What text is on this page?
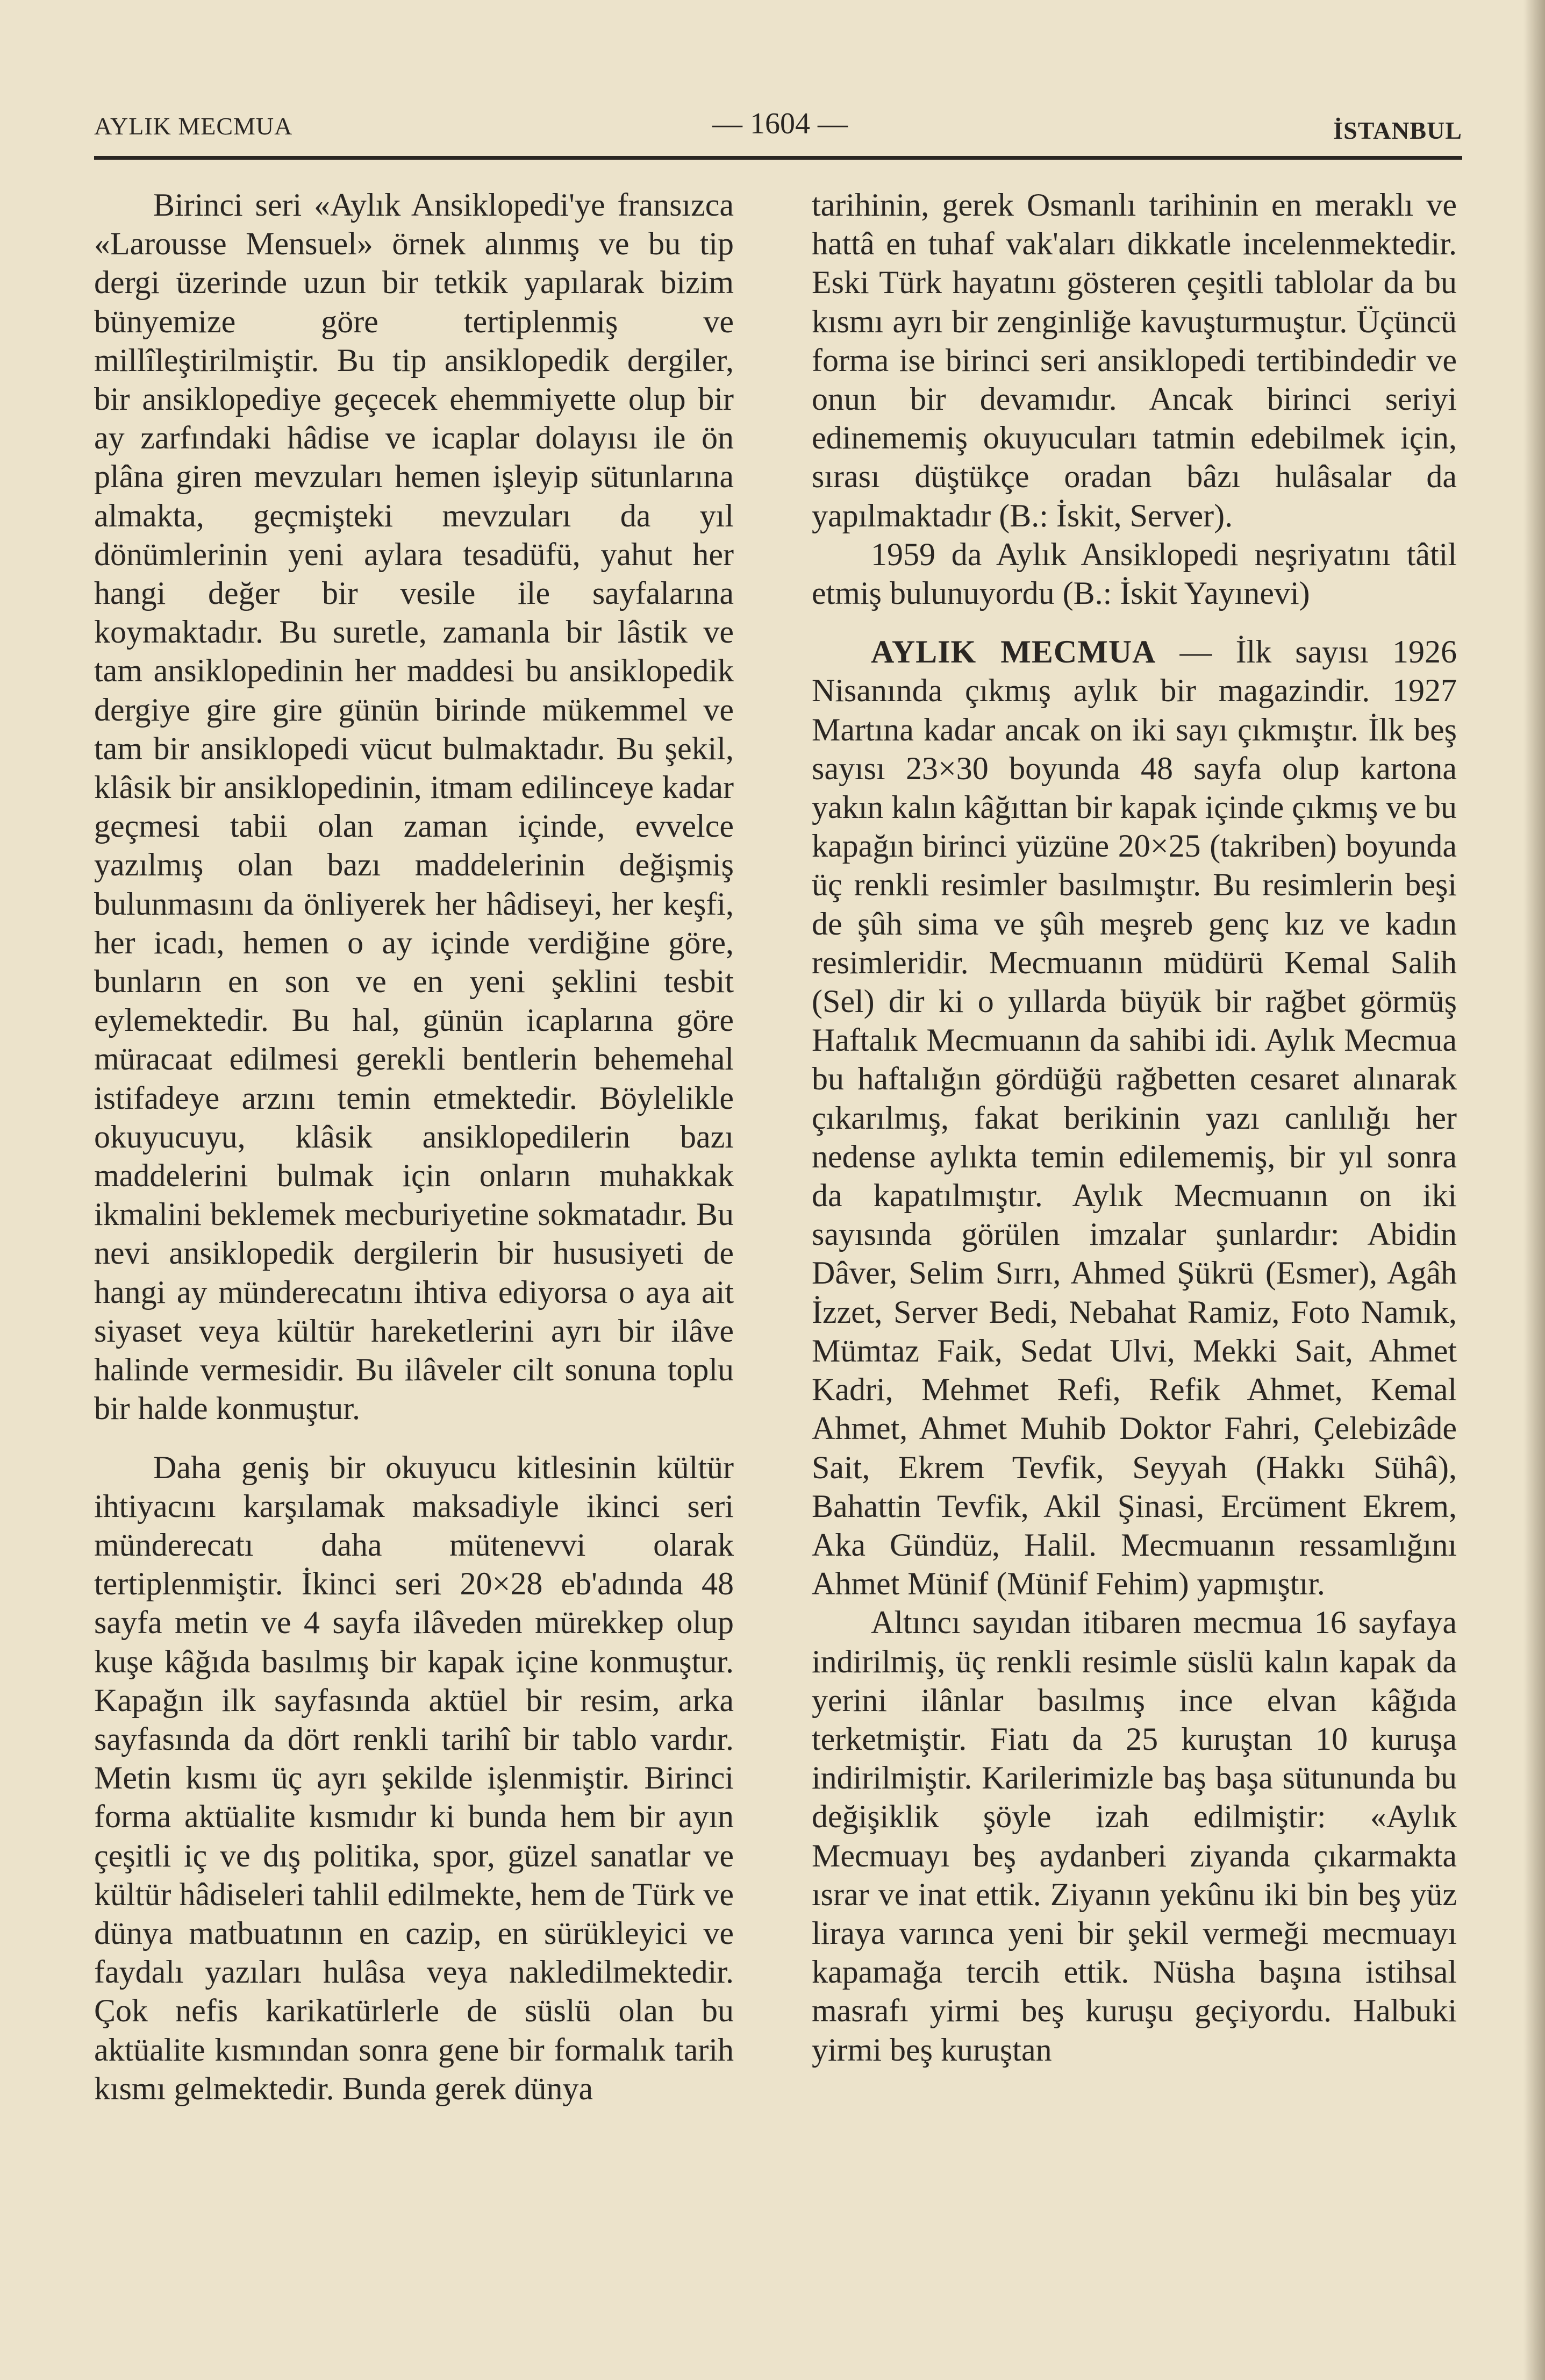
AYLIK MECMUA	— 1604 —	İSTANBUL

Birinci seri «Aylık Ansiklopedi'ye fransızca «Larousse Mensuel» örnek alınmış ve bu tip dergi üzerinde uzun bir tetkik yapılarak bizim bünyemize göre tertiplenmiş ve millîleştirilmiştir. Bu tip ansiklopedik dergiler, bir ansiklopediye geçecek ehemmiyette olup bir ay zarfındaki hâdise ve icaplar dolayısı ile ön plâna giren mevzuları hemen işleyip sütunlarına almakta, geçmişteki mevzuları da yıl dönümlerinin yeni aylara tesadüfü, yahut her hangi değer bir vesile ile sayfalarına koymaktadır. Bu suretle, zamanla bir lâstik ve tam ansiklopedinin her maddesi bu ansiklopedik dergiye gire gire günün birinde mükemmel ve tam bir ansiklopedi vücut bulmaktadır. Bu şekil, klâsik bir ansiklopedinin, itmam edilinceye kadar geçmesi tabii olan zaman içinde, evvelce yazılmış olan bazı maddelerinin değişmiş bulunmasını da önliyerek her hâdiseyi, her keşfi, her icadı, hemen o ay içinde verdiğine göre, bunların en son ve en yeni şeklini tesbit eylemektedir. Bu hal, günün icaplarına göre müracaat edilmesi gerekli bentlerin behemehal istifadeye arzını temin etmektedir. Böylelikle okuyucuyu, klâsik ansiklopedilerin bazı maddelerini bulmak için onların muhakkak ikmalini beklemek mecburiyetine sokmatadır. Bu nevi ansiklopedik dergilerin bir hususiyeti de hangi ay münderecatını ihtiva ediyorsa o aya ait siyaset veya kültür hareketlerini ayrı bir ilâve halinde vermesidir. Bu ilâveler cilt sonuna toplu bir halde konmuştur.

Daha geniş bir okuyucu kitlesinin kültür ihtiyacını karşılamak maksadiyle ikinci seri münderecatı daha mütenevvi olarak tertiplenmiştir. İkinci seri 20×28 eb'adında 48 sayfa metin ve 4 sayfa ilâveden mürekkep olup kuşe kâğıda basılmış bir kapak içine konmuştur. Kapağın ilk sayfasında aktüel bir resim, arka sayfasında da dört renkli tarihî bir tablo vardır. Metin kısmı üç ayrı şekilde işlenmiştir. Birinci forma aktüalite kısmıdır ki bunda hem bir ayın çeşitli iç ve dış politika, spor, güzel sanatlar ve kültür hâdiseleri tahlil edilmekte, hem de Türk ve dünya matbuatının en cazip, en sürükleyici ve faydalı yazıları hulâsa veya nakledilmektedir. Çok nefis karikatürlerle de süslü olan bu aktüalite kısmından sonra gene bir formalık tarih kısmı gelmektedir. Bunda gerek dünya

tarihinin, gerek Osmanlı tarihinin en meraklı ve hattâ en tuhaf vak'aları dikkatle incelenmektedir. Eski Türk hayatını gösteren çeşitli tablolar da bu kısmı ayrı bir zenginliğe kavuşturmuştur. Üçüncü forma ise birinci seri ansiklopedi tertibindedir ve onun bir devamıdır. Ancak birinci seriyi edinememiş okuyucuları tatmin edebilmek için, sırası düştükçe oradan bâzı hulâsalar da yapılmaktadır (B.: İskit, Server).

1959 da Aylık Ansiklopedi neşriyatını tâtil etmiş bulunuyordu (B.: İskit Yayınevi)

AYLIK MECMUA — İlk sayısı 1926 Nisanında çıkmış aylık bir magazindir. 1927 Martına kadar ancak on iki sayı çıkmıştır. İlk beş sayısı 23×30 boyunda 48 sayfa olup kartona yakın kalın kâğıttan bir kapak içinde çıkmış ve bu kapağın birinci yüzüne 20×25 (takriben) boyunda üç renkli resimler basılmıştır. Bu resimlerin beşi de şûh sima ve şûh meşreb genç kız ve kadın resimleridir. Mecmuanın müdürü Kemal Salih (Sel) dir ki o yıllarda büyük bir rağbet görmüş Haftalık Mecmuanın da sahibi idi. Aylık Mecmua bu haftalığın gördüğü rağbetten cesaret alınarak çıkarılmış, fakat berikinin yazı canlılığı her nedense aylıkta temin edilememiş, bir yıl sonra da kapatılmıştır. Aylık Mecmuanın on iki sayısında görülen imzalar şunlardır: Abidin Dâver, Selim Sırrı, Ahmed Şükrü (Esmer), Agâh İzzet, Server Bedi, Nebahat Ramiz, Foto Namık, Mümtaz Faik, Sedat Ulvi, Mekki Sait, Ahmet Kadri, Mehmet Refi, Refik Ahmet, Kemal Ahmet, Ahmet Muhib Doktor Fahri, Çelebizâde Sait, Ekrem Tevfik, Seyyah (Hakkı Sühâ), Bahattin Tevfik, Akil Şinasi, Ercüment Ekrem, Aka Gündüz, Halil. Mecmuanın ressamlığını Ahmet Münif (Münif Fehim) yapmıştır.

Altıncı sayıdan itibaren mecmua 16 sayfaya indirilmiş, üç renkli resimle süslü kalın kapak da yerini ilânlar basılmış ince elvan kâğıda terketmiştir. Fiatı da 25 kuruştan 10 kuruşa indirilmiştir. Karilerimizle baş başa sütununda bu değişiklik şöyle izah edilmiştir: «Aylık Mecmuayı beş aydanberi ziyanda çıkarmakta ısrar ve inat ettik. Ziyanın yekûnu iki bin beş yüz liraya varınca yeni bir şekil vermeği mecmuayı kapamağa tercih ettik. Nüsha başına istihsal masrafı yirmi beş kuruşu geçiyordu. Halbuki yirmi beş kuruştan
